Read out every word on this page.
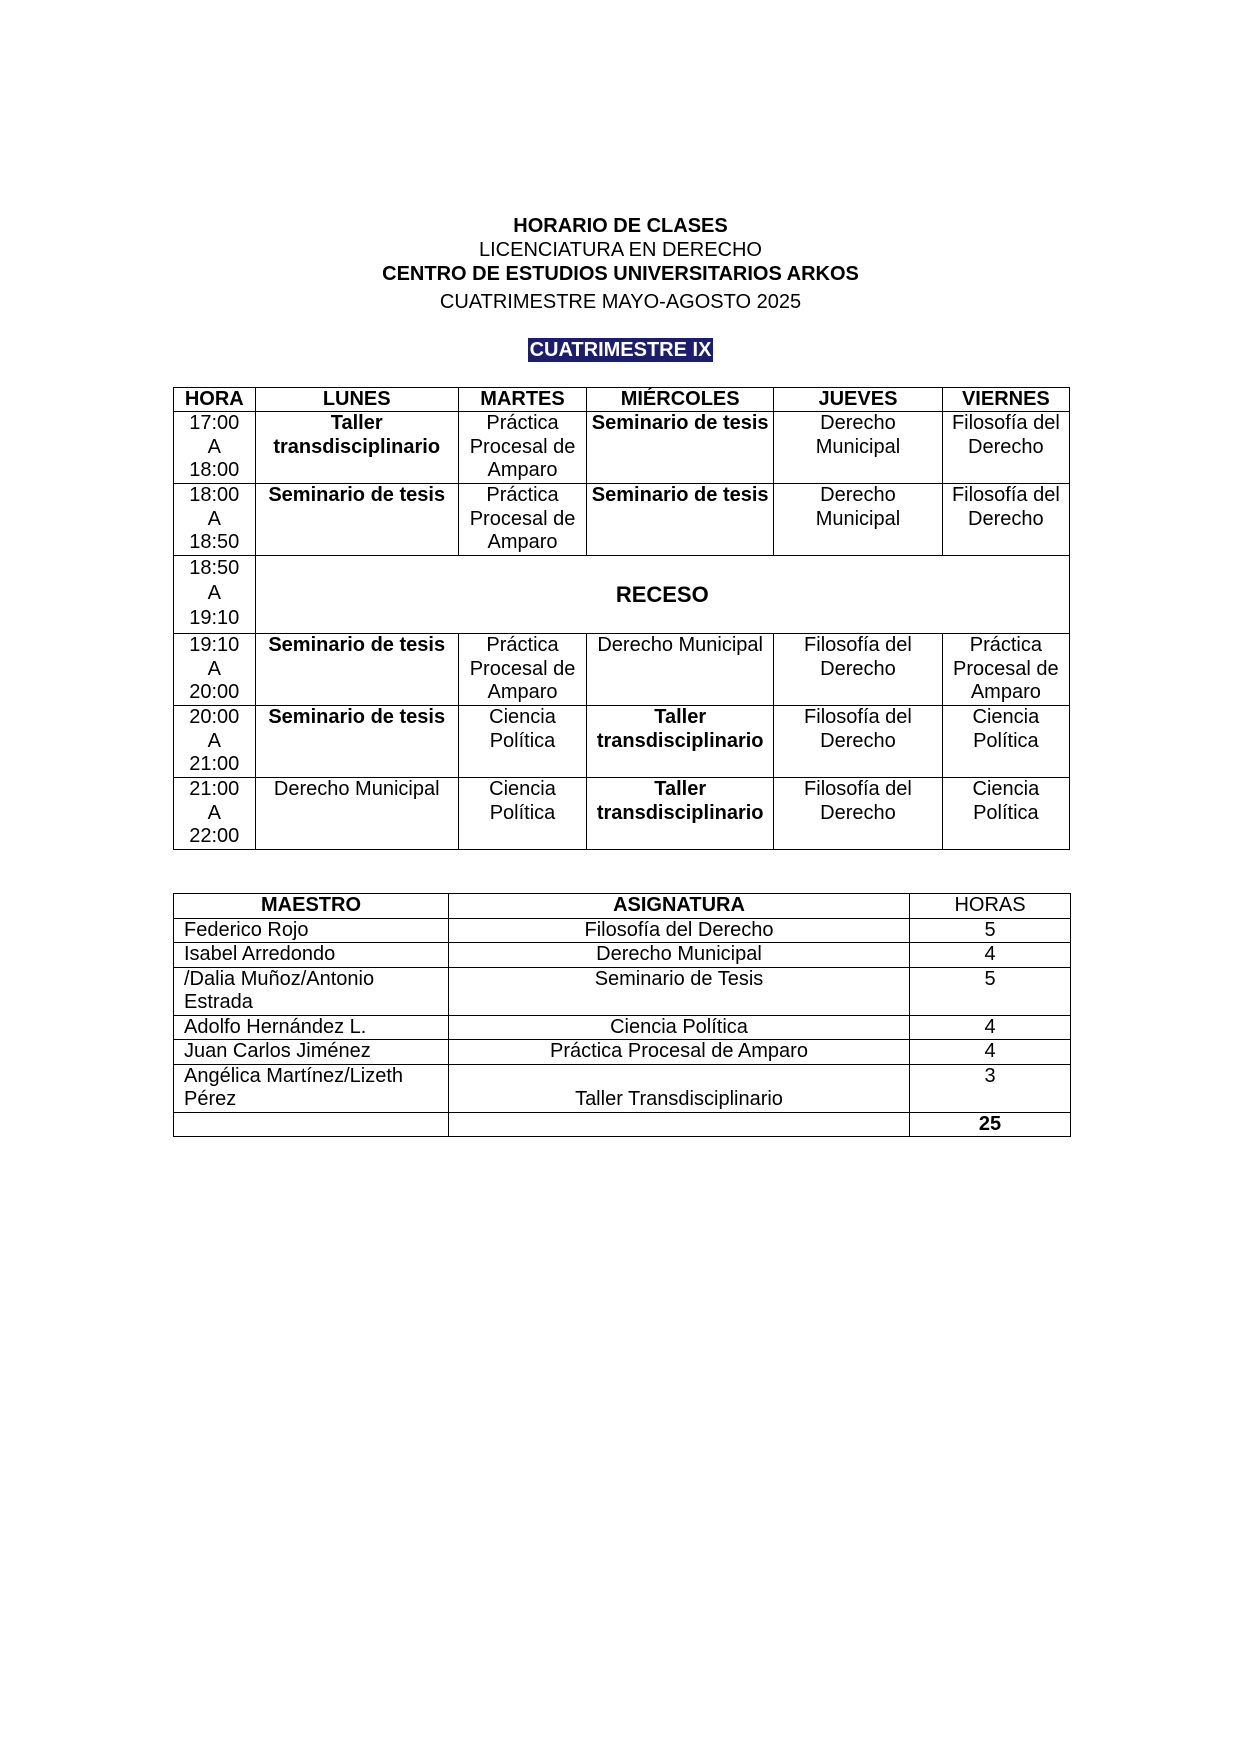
HORARIO DE CLASES
LICENCIATURA EN DERECHO
CENTRO DE ESTUDIOS UNIVERSITARIOS ARKOS
CUATRIMESTRE MAYO-AGOSTO 2025
CUATRIMESTRE IX
HORA	LUNES	MARTES	MIÉRCOLES	JUEVES	VIERNES

17:00
A
18:00	Taller transdisciplinario	Práctica Procesal de Amparo	Seminario de tesis	Derecho Municipal	Filosofía del Derecho

18:00
A
18:50	Seminario de tesis	Práctica Procesal de Amparo	Seminario de tesis	Derecho Municipal	Filosofía del Derecho

18:50
A
19:10	RECESO				

19:10
A
20:00	Seminario de tesis	Práctica Procesal de Amparo	Derecho Municipal	Filosofía del Derecho	Práctica Procesal de Amparo

20:00
A
21:00	Seminario de tesis	Ciencia Política	Taller transdisciplinario	Filosofía del Derecho	Ciencia Política

21:00
A
22:00	Derecho Municipal	Ciencia Política	Taller transdisciplinario	Filosofía del Derecho	Ciencia Política
MAESTRO	ASIGNATURA	HORAS
Federico Rojo	Filosofía del Derecho	5
Isabel Arredondo	Derecho Municipal	4
/Dalia Muñoz/Antonio Estrada	Seminario de Tesis	5
Adolfo Hernández L.	Ciencia Política	4
Juan Carlos Jiménez	Práctica Procesal de Amparo	4
Angélica Martínez/Lizeth Pérez	Taller Transdisciplinario	3
		25
